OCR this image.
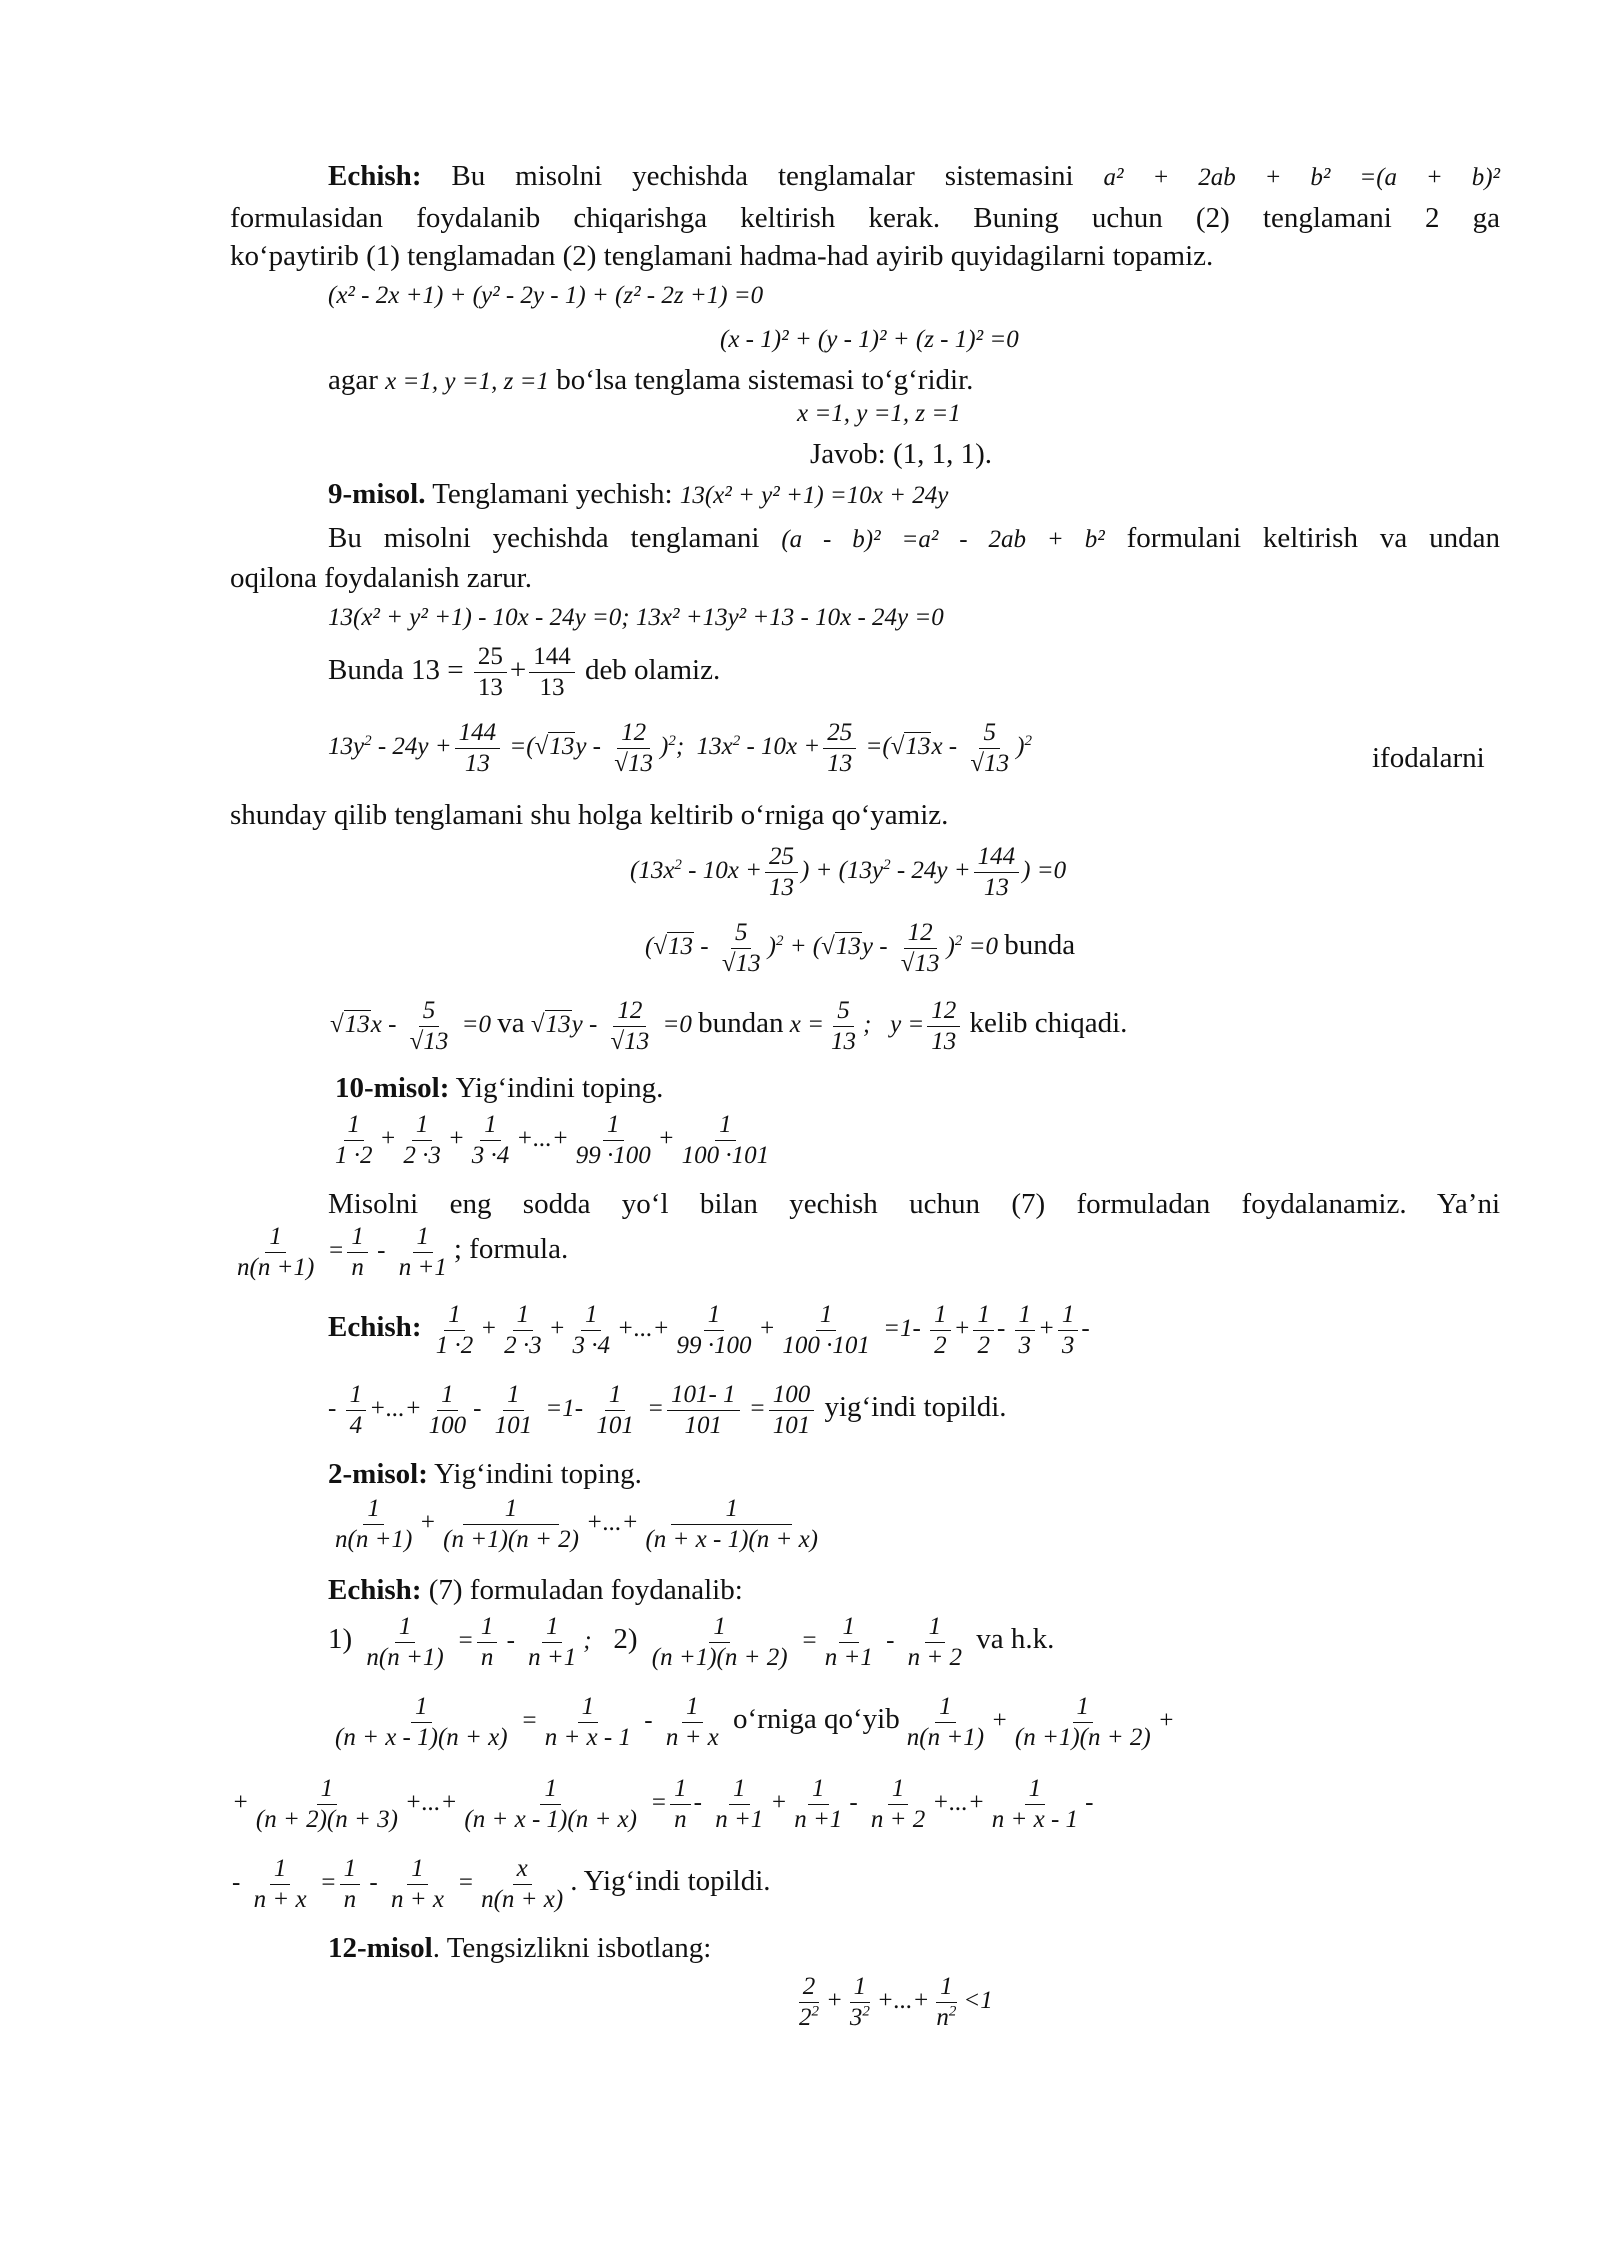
Echish: Bu misolni yechishda tenglamalar sistemasini a² + 2ab + b² =(a + b)²
formulasidan foydalanib chiqarishga keltirish kerak. Buning uchun (2) tenglamani 2 ga
ko‘paytirib (1) tenglamadan (2) tenglamani hadma-had ayirib quyidagilarni topamiz.
(x² - 2x +1) + (y² - 2y - 1) + (z² - 2z +1) =0
(x - 1)² + (y - 1)² + (z - 1)² =0
agar x =1, y =1, z =1 bo‘lsa tenglama sistemasi to‘g‘ridir.
x =1, y =1, z =1
Javob: (1, 1, 1).
9-misol. Tenglamani yechish: 13(x² + y² +1) =10x + 24y
Bu misolni yechishda tenglamani (a - b)² =a² - 2ab + b² formulani keltirish va undan
oqilona foydalanish zarur.
13(x² + y² +1) - 10x - 24y =0; 13x² +13y² +13 - 10x - 24y =0
Bunda $13 = \frac{25}{13} + \frac{144}{13}$ deb olamiz.
$13y^2 - 24y + \frac{144}{13} =(√13y - \frac{12}{√13} )^2$;  $13x^2 - 10x + \frac{25}{13} =(√13x - \frac{5}{√13} )^2$
ifodalarni
shunday qilib tenglamani shu holga keltirib o‘rniga qo‘yamiz.
($13x^2 - 10x + \frac{25}{13}$ ) + ($13y^2 - 24y + \frac{144}{13}$ ) =0
$(√13 - \frac{5}{√13} )^2 + (√13y - \frac{12}{√13} )^2 =0$ bunda
$√13x - \frac{5}{√13} =0$ va $√13y - \frac{12}{√13} =0$ bundan $x = \frac{5}{13}$ ;   $y = \frac{12}{13}$ kelib chiqadi.
10-misol: Yig‘indini toping.
$\frac{1}{1 \cdot 2} + \frac{1}{2 \cdot 3} + \frac{1}{3 \cdot 4}$ +...+ $\frac{1}{99 \cdot 100} + \frac{1}{100 \cdot 101}$
Misolni eng sodda yo‘l bilan yechish uchun (7) formuladan foydalanamiz. Ya’ni
$\frac{1}{n(n +1)} = \frac{1}{n} - \frac{1}{n +1}$ ; formula.
Echish: $\frac{1}{1 \cdot 2} + \frac{1}{2 \cdot 3} + \frac{1}{3 \cdot 4}$ +...+ $\frac{1}{99 \cdot 100} + \frac{1}{100 \cdot 101} =1- \frac{1}{2} + \frac{1}{2} - \frac{1}{3} + \frac{1}{3}$ -
- $\frac{1}{4}$ +...+ $\frac{1}{100} - \frac{1}{101} =1- \frac{1}{101} = \frac{101- 1}{101} = \frac{100}{101}$ yig‘indi topildi.
2-misol: Yig‘indini toping.
$\frac{1}{n(n +1)} + \frac{1}{(n +1)(n + 2)}$ +...+ $\frac{1}{(n + x - 1)(n + x)}$
Echish: (7) formuladan foydanalib:
$1) \frac{1}{n(n +1)} = \frac{1}{n} - \frac{1}{n +1}$ ;   $2) \frac{1}{(n +1)(n + 2)} = \frac{1}{n +1} - \frac{1}{n + 2}$ va h.k.
$\frac{1}{(n + x - 1)(n + x)} = \frac{1}{n + x - 1} - \frac{1}{n + x}$ o‘rniga qo‘yib $\frac{1}{n(n +1)} + \frac{1}{(n +1)(n + 2)}$ +
+ $\frac{1}{(n + 2)(n + 3)}$ +...+ $\frac{1}{(n + x - 1)(n + x)} = \frac{1}{n} - \frac{1}{n +1} + \frac{1}{n +1} - \frac{1}{n + 2}$ +...+ $\frac{1}{n + x - 1}$ -
- $\frac{1}{n + x} = \frac{1}{n} - \frac{1}{n + x} = \frac{x}{n(n + x)}$ . Yig‘indi topildi.
12-misol. Tengsizlikni isbotlang:
$\frac{2}{2^2} + \frac{1}{3^2}$ +...+ $\frac{1}{n^2} <1$
